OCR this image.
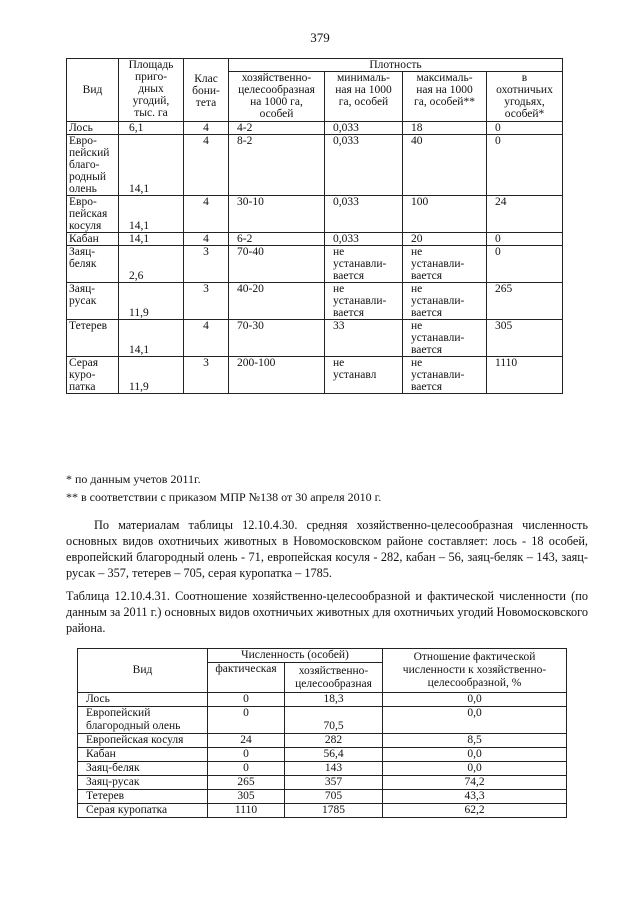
379
Вид	Площадь
приго-
дных
угодий,
тыс. га	Клас
бони-
тета	Плотность			
			хозяйственно-
целесообразная
на 1000 га,
особей	минималь-
ная на 1000
га, особей	максималь-
ная на 1000
га, особей**	в
охотничьих
угодьях,
особей*
Лось	6,1	4	4-2	0,033	18	0
Евро-
пейский
благо-
родный
олень	14,1	4	8-2	0,033	40	0
Евро-
пейская
косуля	14,1	4	30-10	0,033	100	24
Кабан	14,1	4	6-2	0,033	20	0
Заяц-
беляк	2,6	3	70-40	не
устанавли-
вается	не
устанавли-
вается	0
Заяц-
русак	11,9	3	40-20	не
устанавли-
вается	не
устанавли-
вается	265
Тетерев	14,1	4	70-30	33	не
устанавли-
вается	305
Серая
куро-
патка	11,9	3	200-100	не
устанавл	не
устанавли-
вается	1110
* по данным учетов 2011г.
** в соответствии с приказом МПР №138 от 30 апреля 2010 г.
По материалам таблицы 12.10.4.30. средняя хозяйственно-целесообразная численность основных видов охотничьих животных в Новомосковском районе составляет: лось - 18 особей, европейский благородный олень - 71, европейская косуля - 282, кабан – 56, заяц-беляк – 143, заяц-русак – 357, тетерев – 705, серая куропатка – 1785.
Таблица 12.10.4.31. Соотношение хозяйственно-целесообразной и фактической численности (по данным за 2011 г.) основных видов охотничьих животных для охотничьих угодий Новомосковского района.
Вид	Численность (особей)		Отношение фактической
численности к хозяйственно-
целесообразной, %
	фактическая	хозяйственно-
целесообразная	
Лось	0	18,3	0,0
Европейский
благородный олень	0	70,5	0,0
Европейская косуля	24	282	8,5
Кабан	0	56,4	0,0
Заяц-беляк	0	143	0,0
Заяц-русак	265	357	74,2
Тетерев	305	705	43,3
Серая куропатка	1110	1785	62,2
